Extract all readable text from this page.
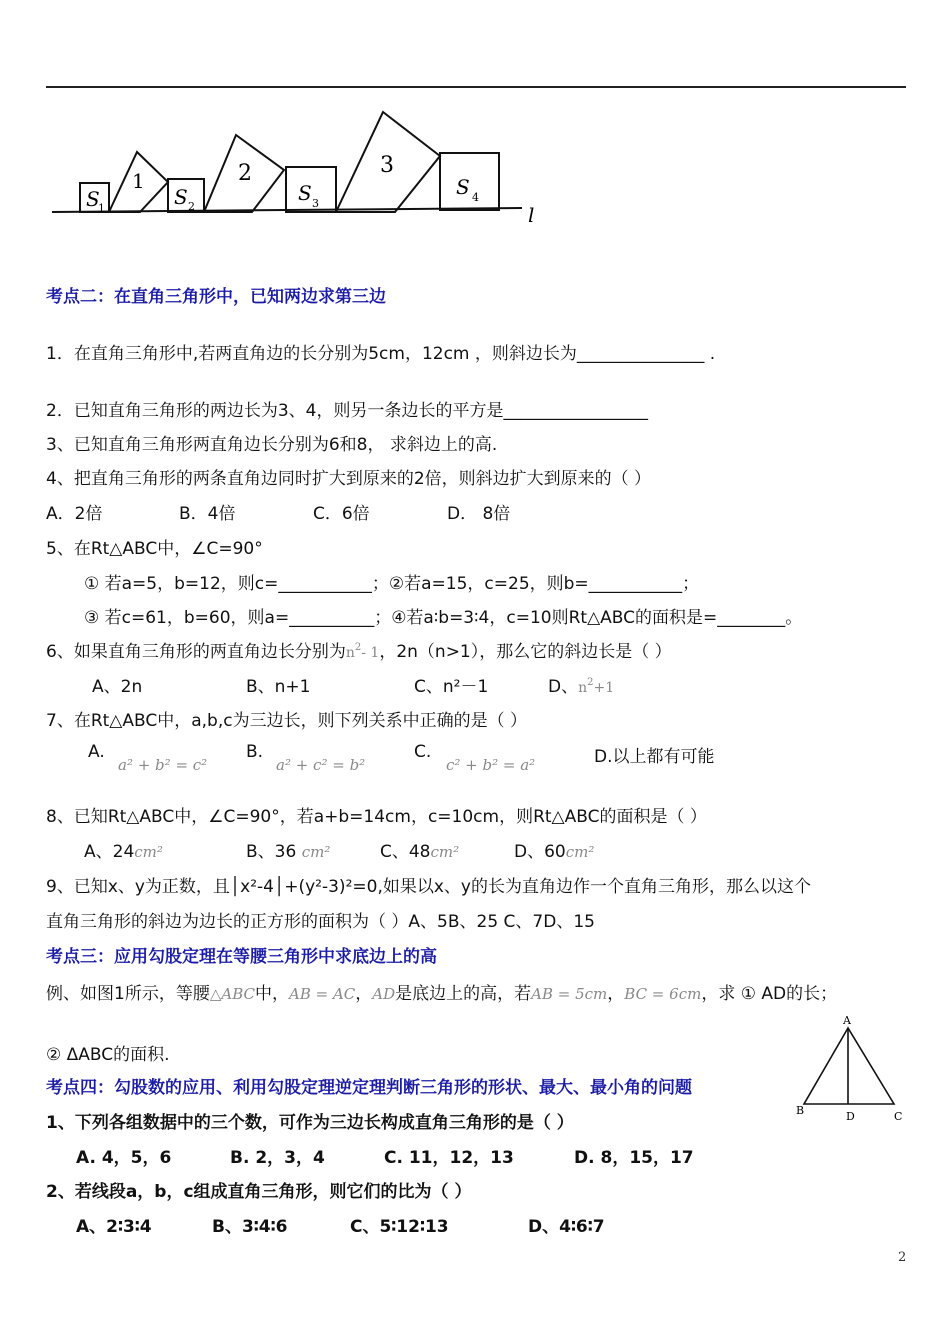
S
1
1
S 2
2
S 3
3
S 4
l
考点二：在直角三角形中，已知两边求第三边
1．在直角三角形中,若两直角边的长分别为5cm，12cm ，则斜边长为_______________ .
2．已知直角三角形的两边长为3、4，则另一条边长的平方是_________________
3、已知直角三角形两直角边长分别为6和8， 求斜边上的高.
4、把直角三角形的两条直角边同时扩大到原来的2倍，则斜边扩大到原来的（ ）
A．2倍	B．4倍	C．6倍	D． 8倍
5、在Rt△ABC中，∠C=90°
① 若a=5，b=12，则c=___________；②若a=15，c=25，则b=___________；
③ 若c=61，b=60，则a=__________；④若a∶b=3∶4，c=10则Rt△ABC的面积是=________。
6、如果直角三角形的两直角边长分别为$n^2-$ 1，2n（n>1），那么它的斜边长是（ ）
A、2n	B、n+1	C、n²－1	D、$n^2+1$
7、在Rt△ABC中，a,b,c为三边长，则下列关系中正确的是（ ）
A.
a² + b² = c²
B.
a² + c² = b²
C.
c² + b² = a²	D.以上都有可能
8、已知Rt△ABC中，∠C=90°，若a+b=14cm，c=10cm，则Rt△ABC的面积是（ ）
A、24cm²	B、36 cm²	C、48cm²	D、60cm²
9、已知x、y为正数，且│x²-4│+(y²-3)²=0,如果以x、y的长为直角边作一个直角三角形，那么以这个
直角三角形的斜边为边长的正方形的面积为（ ）A、5B、25 C、7D、15
考点三：应用勾股定理在等腰三角形中求底边上的高
例、如图1所示，等腰△ABC中，AB = AC，AD是底边上的高，若AB = 5cm，BC = 6cm，求 ① AD的长；
② ΔABC的面积.
A
B	D	C
考点四：勾股数的应用、利用勾股定理逆定理判断三角形的形状、最大、最小角的问题
1、下列各组数据中的三个数，可作为三边长构成直角三角形的是（ ）
A. 4，5，6	B. 2，3，4	C. 11，12，13	D. 8，15，17
2、若线段a，b，c组成直角三角形，则它们的比为（ ）
A、2∶3∶4	B、3∶4∶6	C、5∶12∶13	D、4∶6∶7
2
